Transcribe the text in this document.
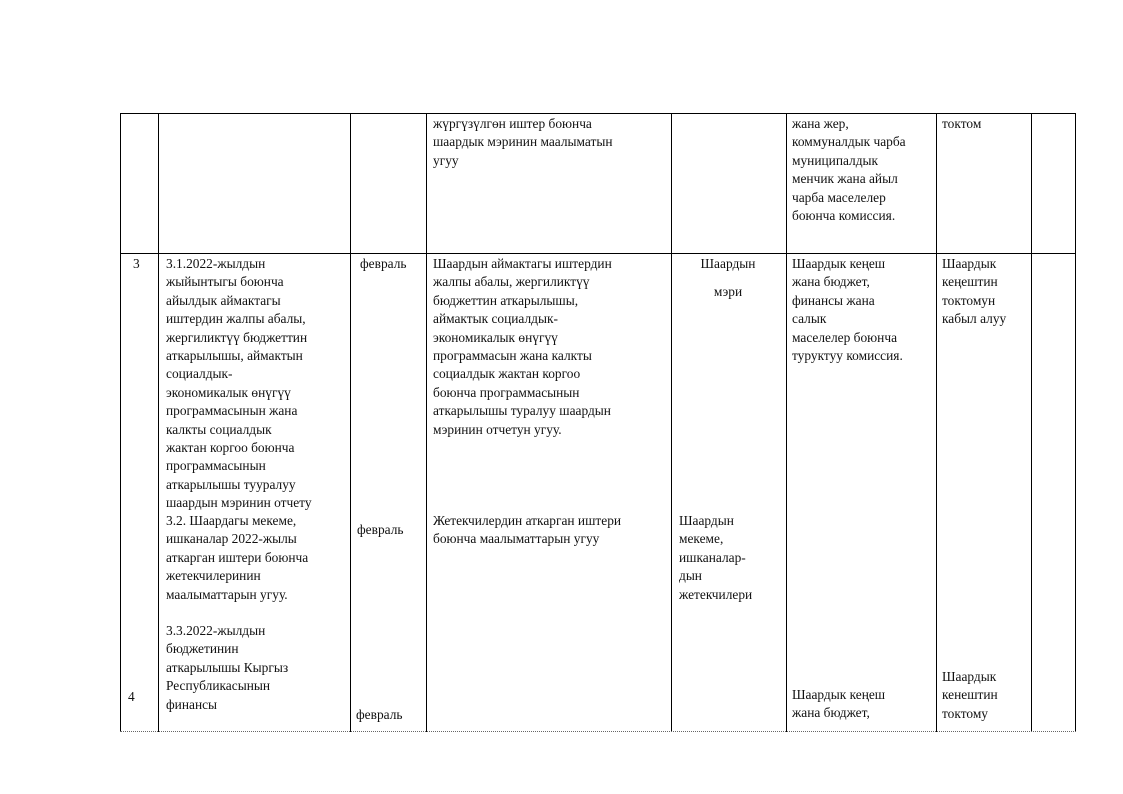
жүргүзүлгөн иштер боюнча
шаардык мэринин маалыматын
угуу

жана жер,
коммуналдык чарба
муниципалдык
менчик жана айыл
чарба маселелер
боюнча комиссия.

токтом

3 3.1.2022-жылдын
жыйынтыгы боюнча
айылдык аймактагы
иштердин жалпы абалы,
жергиликтүү бюджеттин
аткарылышы, аймактын
социалдык-
экономикалык өнүгүү
программасынын жана
калкты социалдык
жактан коргоо боюнча
программасынын
аткарылышы тууралуу
шаардын мэринин отчету

3.2. Шаардагы мекеме,
ишканалар 2022-жылы
аткарган иштери боюнча
жетекчилеринин
маалыматтарын угуу.

3.3.2022-жылдын
бюджетинин
аткарылышы Кыргыз
Республикасынын
финансы

февраль

февраль

февраль

Шаардын аймактагы иштердин
жалпы абалы, жергиликтүү
бюджеттин аткарылышы,
аймактык социалдык-
экономикалык өнүгүү
программасын жана калкты
социалдык жактан коргоо
боюнча программасынын
аткарылышы туралуу шаардын
мэринин отчетун угуу.

Жетекчилердин аткарган иштери
боюнча маалыматтарын угуу

Шаардын

мэри

Шаардын
мекеме,
ишканалар-
дын
жетекчилери

Шаардык кеңеш
жана бюджет,
финансы жана
салык
маселелер боюнча
туруктуу комиссия.

Шаардык
кеңештин
токтомун
кабыл алуу

4	Шаардык кеңеш
жана бюджет,

Шаардык
кенештин
токтому
